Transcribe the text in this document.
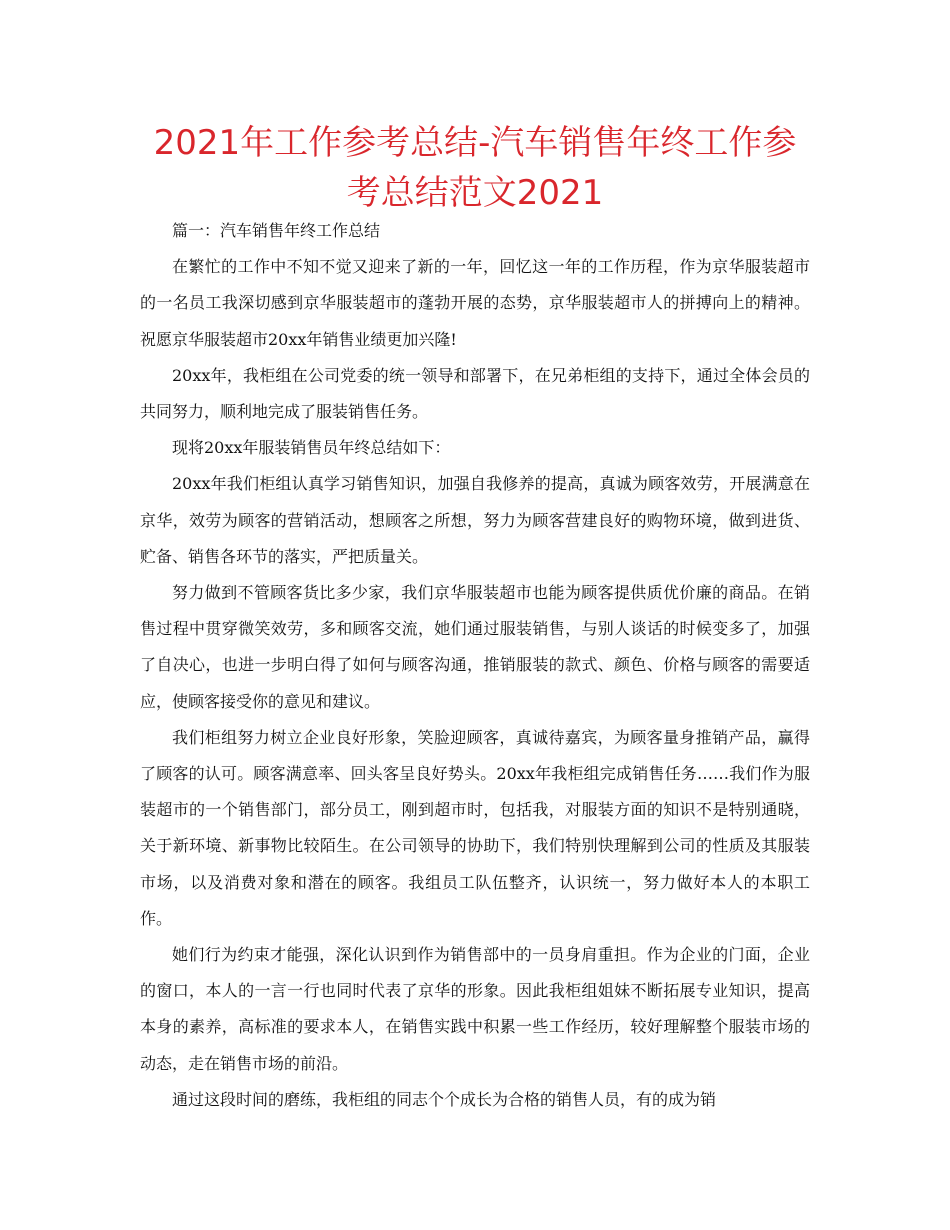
2021年工作参考总结-汽车销售年终工作参考总结范文2021

篇一：汽车销售年终工作总结

在繁忙的工作中不知不觉又迎来了新的一年，回忆这一年的工作历程，作为京华服装超市的一名员工我深切感到京华服装超市的蓬勃开展的态势，京华服装超市人的拼搏向上的精神。祝愿京华服装超市20xx年销售业绩更加兴隆!

20xx年，我柜组在公司党委的统一领导和部署下，在兄弟柜组的支持下，通过全体会员的共同努力，顺利地完成了服装销售任务。

现将20xx年服装销售员年终总结如下：

20xx年我们柜组认真学习销售知识，加强自我修养的提高，真诚为顾客效劳，开展满意在京华，效劳为顾客的营销活动，想顾客之所想，努力为顾客营建良好的购物环境，做到进货、贮备、销售各环节的落实，严把质量关。

努力做到不管顾客货比多少家，我们京华服装超市也能为顾客提供质优价廉的商品。在销售过程中贯穿微笑效劳，多和顾客交流，她们通过服装销售，与别人谈话的时候变多了，加强了自决心，也进一步明白得了如何与顾客沟通，推销服装的款式、颜色、价格与顾客的需要适应，使顾客接受你的意见和建议。

我们柜组努力树立企业良好形象，笑脸迎顾客，真诚待嘉宾，为顾客量身推销产品，赢得了顾客的认可。顾客满意率、回头客呈良好势头。20xx年我柜组完成销售任务……我们作为服装超市的一个销售部门，部分员工，刚到超市时，包括我，对服装方面的知识不是特别通晓，关于新环境、新事物比较陌生。在公司领导的协助下，我们特别快理解到公司的性质及其服装市场，以及消费对象和潜在的顾客。我组员工队伍整齐，认识统一，努力做好本人的本职工作。

她们行为约束才能强，深化认识到作为销售部中的一员身肩重担。作为企业的门面，企业的窗口，本人的一言一行也同时代表了京华的形象。因此我柜组姐妹不断拓展专业知识，提高本身的素养，高标准的要求本人，在销售实践中积累一些工作经历，较好理解整个服装市场的动态，走在销售市场的前沿。

通过这段时间的磨练，我柜组的同志个个成长为合格的销售人员，有的成为销
